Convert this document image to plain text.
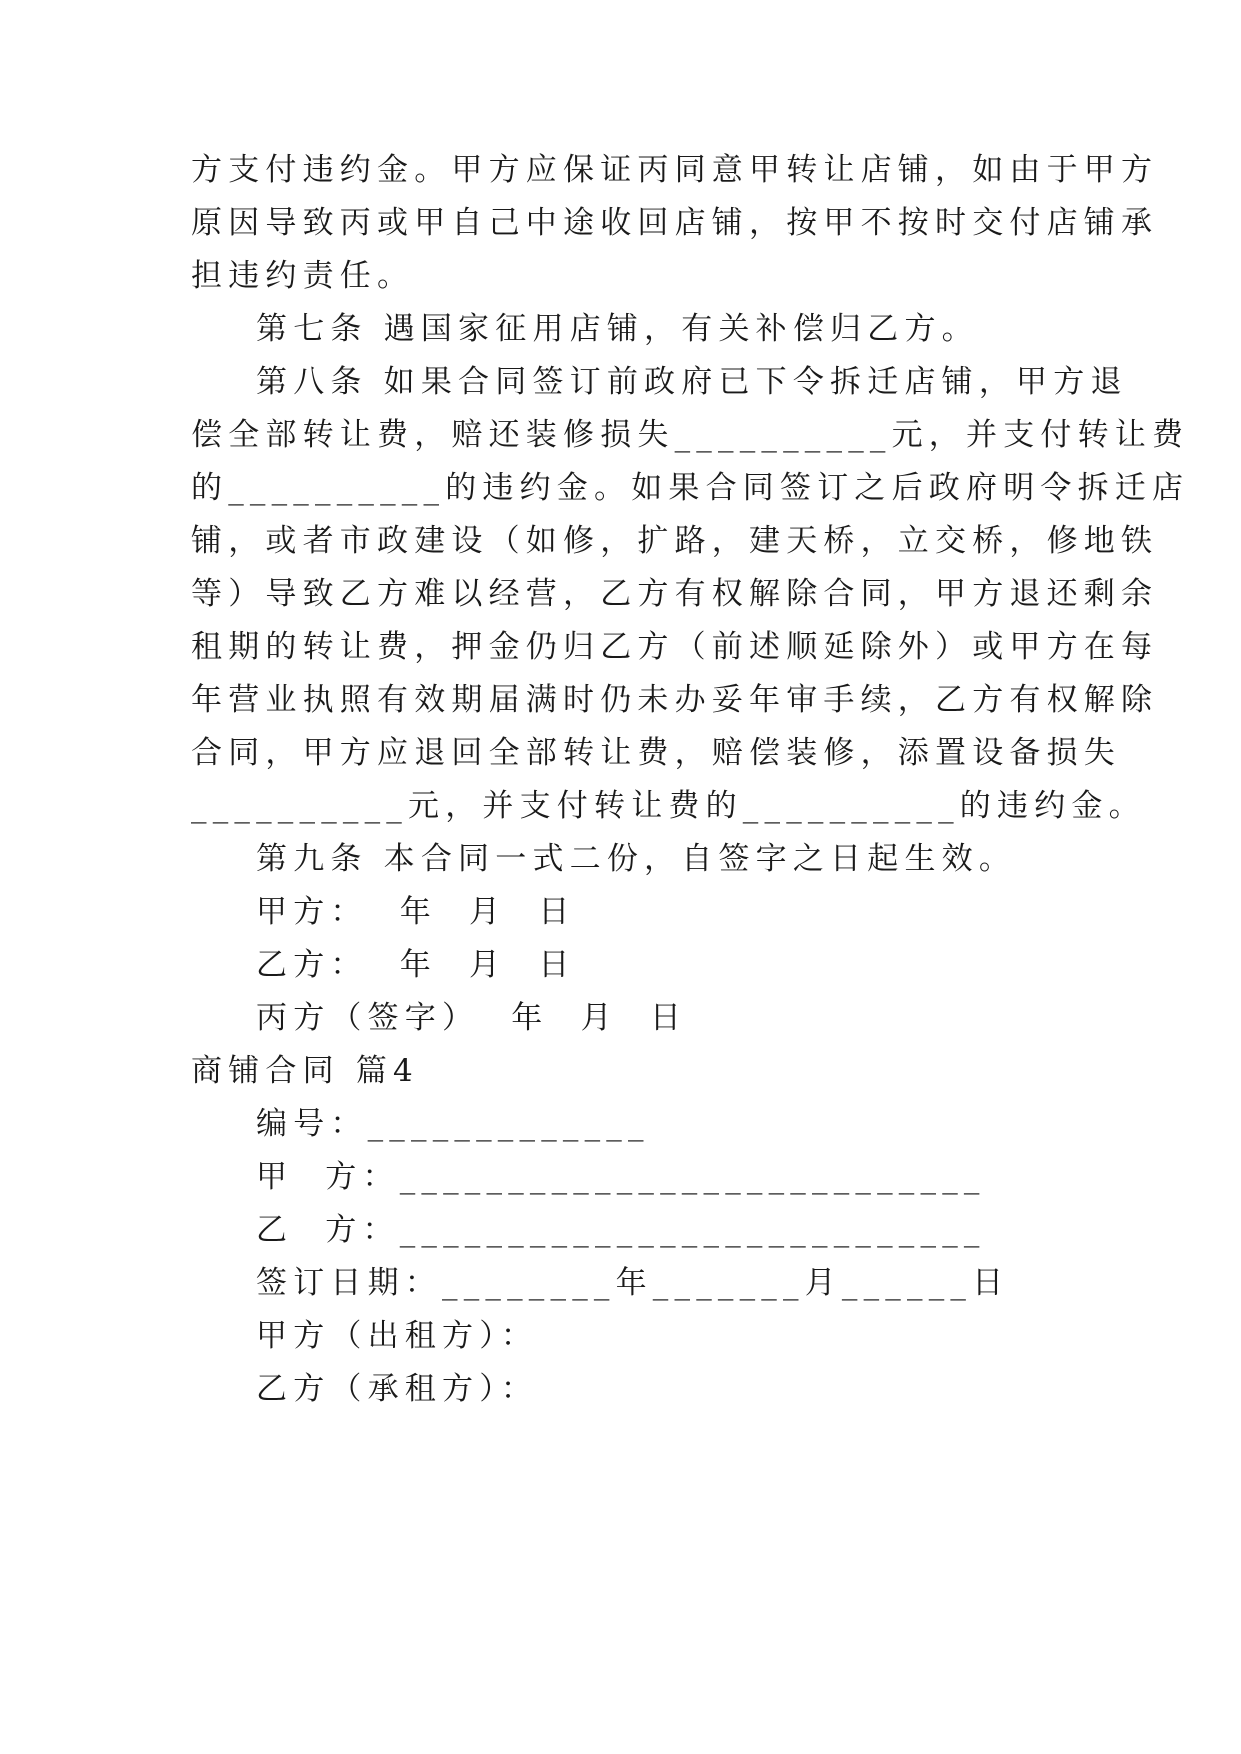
方支付违约金。甲方应保证丙同意甲转让店铺，如由于甲方
原因导致丙或甲自己中途收回店铺，按甲不按时交付店铺承
担违约责任。
第七条 遇国家征用店铺，有关补偿归乙方。
第八条 如果合同签订前政府已下令拆迁店铺，甲方退
偿全部转让费，赔还装修损失__________元，并支付转让费
的__________的违约金。如果合同签订之后政府明令拆迁店
铺，或者市政建设（如修，扩路，建天桥，立交桥，修地铁
等）导致乙方难以经营，乙方有权解除合同，甲方退还剩余
租期的转让费，押金仍归乙方（前述顺延除外）或甲方在每
年营业执照有效期届满时仍未办妥年审手续，乙方有权解除
合同，甲方应退回全部转让费，赔偿装修，添置设备损失
__________元，并支付转让费的__________的违约金。
第九条 本合同一式二份，自签字之日起生效。
甲方：  年  月  日
乙方：  年  月  日
丙方（签字）  年  月  日
商铺合同 篇4
编号：_____________
甲  方：___________________________
乙  方：___________________________
签订日期：________年_______月______日
甲方（出租方）：
乙方（承租方）：
